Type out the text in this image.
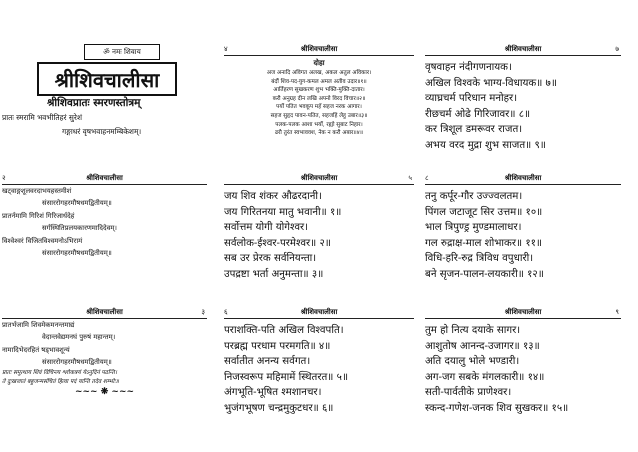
ॐ नमः शिवाय
श्रीशिवचालीसा
श्रीशिवप्रातः स्मरणस्तोत्रम्
प्रातः स्मरामि भवभीतिहरं सुरेशं
गङ्गाधरं वृषभवाहनमम्बिकेशम्।
४	श्रीशिवचालीसा
दोहा
अज अनादि अविगत अलख, अकल अतुल अविकार।
बंदौं शिव-पद-युग-कमल अमल अतीव उदार॥१॥
आर्तिहरण सुखकरण शुभ भक्ति-मुक्ति-दातार।
करौ अनुग्रह दीन लखि अपनो विरद विचार॥२॥
पर्यो पतित भवकूप महँ सहज नरक आगार।
सहज सुहृद पावन-पतित, सहजहिं लेहु उबार॥३॥
पलक-पलक आशा भर्यो, रह्यो सुबाट निहार।
ढरौ तुरंत स्वभाववश, नेक न करौ अबार॥४॥
श्रीशिवचालीसा	७
वृषवाहन नंदीगणनायक।
अखिल विश्वके भाग्य-विधायक॥ ७॥
व्याघ्रचर्म परिधान मनोहर।
रीछचर्म ओढे गिरिजावर॥ ८॥
कर त्रिशूल डमरूवर राजत।
अभय वरद मुद्रा शुभ साजत॥ ९॥
२	श्रीशिवचालीसा
खट्वाङ्गशूलवरदाभयहस्तमीशं
संसाररोगहरमौषधमद्वितीयम्॥
प्रातर्नमामि गिरिशं गिरिजार्धदेहं
सर्गस्थितिप्रलयकारणमादिदेवम्।
विश्वेश्वरं विजितविश्वमनोऽभिरामं
संसाररोगहरमौषधमद्वितीयम्॥
श्रीशिवचालीसा	५
जय शिव शंकर औढरदानी।
जय गिरितनया मातु भवानी॥ १॥
सर्वोत्तम योगी योगेश्वर।
सर्वलोक-ईश्वर-परमेश्वर॥ २॥
सब उर प्रेरक सर्वनियन्ता।
उपद्रष्टा भर्ता अनुमन्ता॥ ३॥
८	श्रीशिवचालीसा
तनु कर्पूर-गौर उज्ज्वलतम।
पिंगल जटाजूट सिर उत्तम॥ १०॥
भाल त्रिपुण्ड्र मुण्डमालाधर।
गल रुद्राक्ष-माल शोभाकर॥ ११॥
विधि-हरि-रुद्र त्रिविध वपुधारी।
बने सृजन-पालन-लयकारी॥ १२॥
श्रीशिवचालीसा	३
प्रातर्भजामि शिवमेकमनन्तमाद्यं
वेदान्तवेद्यमनघं पुरुषं महान्तम्।
नामादिभेदरहितं षड्भावशून्यं
संसाररोगहरमौषधमद्वितीयम्॥
प्रातः समुत्थाय शिवं विचिन्त्य श्लोकत्रयं येऽनुदिनं पठन्ति।
ते दुःखजातं बहुजन्मसंचितं हित्वा पदं यान्ति तदेव शम्भोः॥
~~~ ❋ ~~~
६	श्रीशिवचालीसा
पराशक्ति-पति अखिल विश्वपति।
परब्रह्म परधाम परमगति॥ ४॥
सर्वातीत अनन्य सर्वगत।
निजस्वरूप महिमामें स्थितरत॥ ५॥
अंगभूति-भूषित श्मशानचर।
भुजंगभूषण चन्द्रमुकुटधर॥ ६॥
श्रीशिवचालीसा	९
तुम हो नित्य दयाके सागर।
आशुतोष आनन्द-उजागर॥ १३॥
अति दयालु भोले भण्डारी।
अग-जग सबके मंगलकारी॥ १४॥
सती-पार्वतीके प्राणेश्वर।
स्कन्द-गणेश-जनक शिव सुखकर॥ १५॥
